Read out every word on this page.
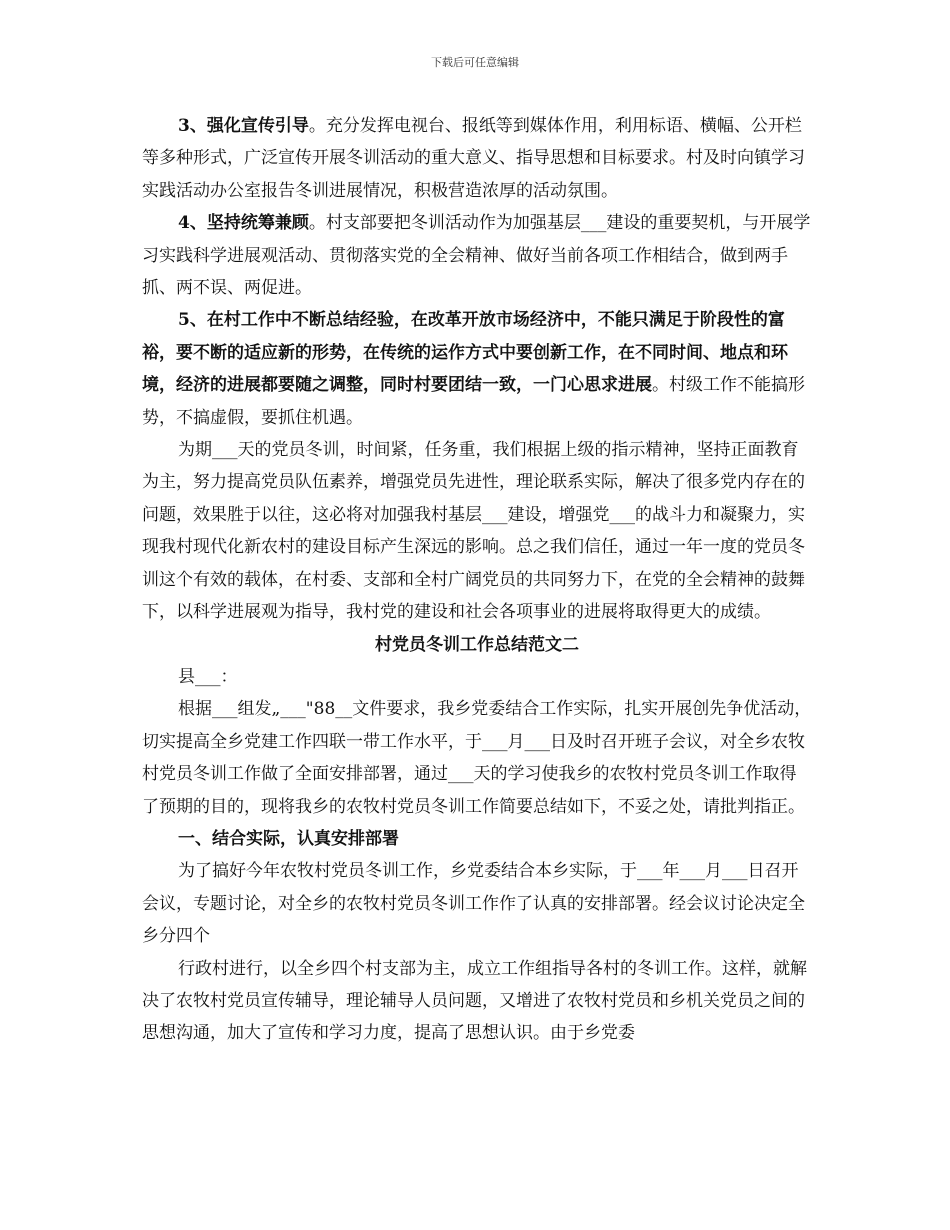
下载后可任意编辑

3、强化宣传引导。充分发挥电视台、报纸等到媒体作用，利用标语、横幅、公开栏等多种形式，广泛宣传开展冬训活动的重大意义、指导思想和目标要求。村及时向镇学习实践活动办公室报告冬训进展情况，积极营造浓厚的活动氛围。

4、坚持统筹兼顾。村支部要把冬训活动作为加强基层___建设的重要契机，与开展学习实践科学进展观活动、贯彻落实党的全会精神、做好当前各项工作相结合，做到两手抓、两不误、两促进。

5、在村工作中不断总结经验，在改革开放市场经济中，不能只满足于阶段性的富裕，要不断的适应新的形势，在传统的运作方式中要创新工作，在不同时间、地点和环境，经济的进展都要随之调整，同时村要团结一致，一门心思求进展。村级工作不能搞形势，不搞虚假，要抓住机遇。

为期___天的党员冬训，时间紧，任务重，我们根据上级的指示精神，坚持正面教育为主，努力提高党员队伍素养，增强党员先进性，理论联系实际，解决了很多党内存在的问题，效果胜于以往，这必将对加强我村基层___建设，增强党___的战斗力和凝聚力，实现我村现代化新农村的建设目标产生深远的影响。总之我们信任，通过一年一度的党员冬训这个有效的载体，在村委、支部和全村广阔党员的共同努力下，在党的全会精神的鼓舞下，以科学进展观为指导，我村党的建设和社会各项事业的进展将取得更大的成绩。

村党员冬训工作总结范文二

县___：

根据___组发„___"88__文件要求，我乡党委结合工作实际，扎实开展创先争优活动，切实提高全乡党建工作四联一带工作水平，于___月___日及时召开班子会议，对全乡农牧村党员冬训工作做了全面安排部署，通过___天的学习使我乡的农牧村党员冬训工作取得了预期的目的，现将我乡的农牧村党员冬训工作简要总结如下，不妥之处，请批判指正。

一、结合实际，认真安排部署

为了搞好今年农牧村党员冬训工作，乡党委结合本乡实际，于___年___月___日召开会议，专题讨论，对全乡的农牧村党员冬训工作作了认真的安排部署。经会议讨论决定全乡分四个

行政村进行，以全乡四个村支部为主，成立工作组指导各村的冬训工作。这样，就解决了农牧村党员宣传辅导，理论辅导人员问题，又增进了农牧村党员和乡机关党员之间的思想沟通，加大了宣传和学习力度，提高了思想认识。由于乡党委
